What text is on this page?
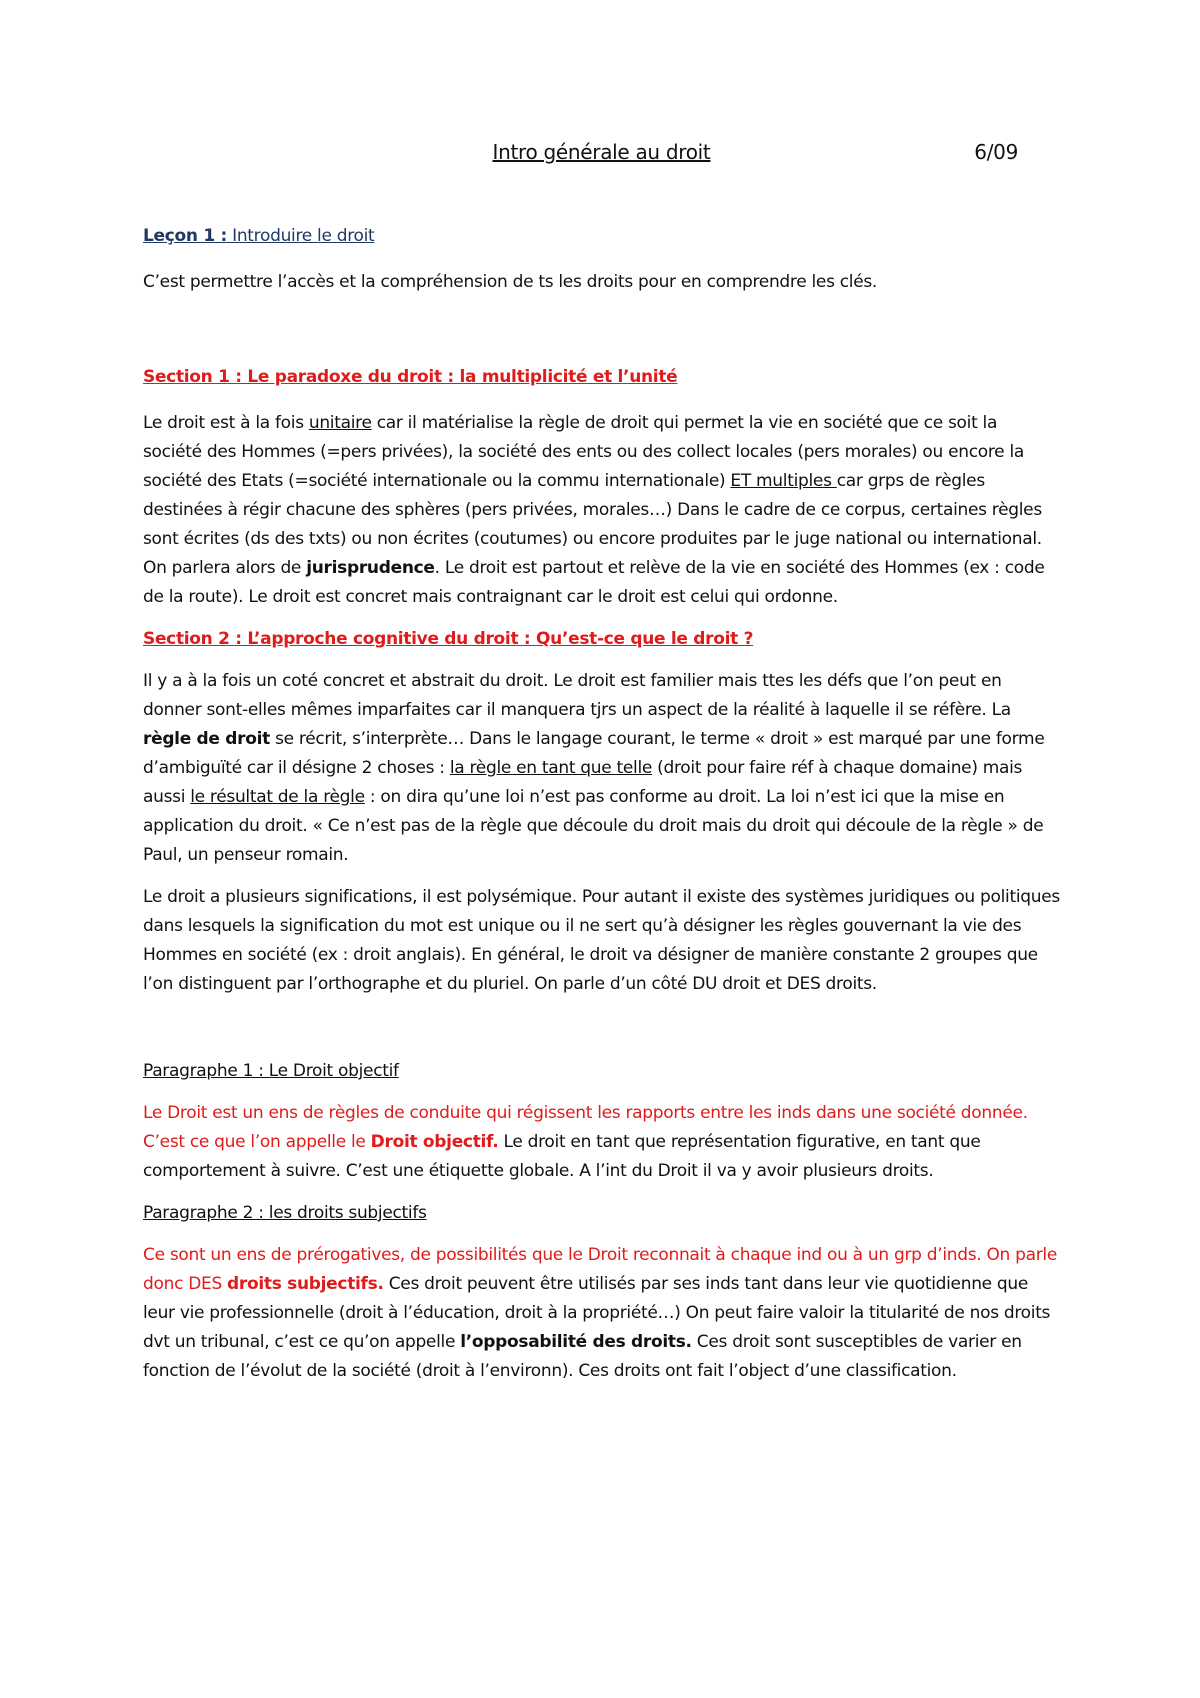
Intro générale au droit	6/09

Leçon 1 : Introduire le droit

C’est permettre l’accès et la compréhension de ts les droits pour en comprendre les clés.

Section 1 : Le paradoxe du droit : la multiplicité et l’unité

Le droit est à la fois unitaire car il matérialise la règle de droit qui permet la vie en société que ce soit la société des Hommes (=pers privées), la société des ents ou des collect locales (pers morales) ou encore la société des Etats (=société internationale ou la commu internationale) ET multiples car grps de règles destinées à régir chacune des sphères (pers privées, morales…) Dans le cadre de ce corpus, certaines règles sont écrites (ds des txts) ou non écrites (coutumes) ou encore produites par le juge national ou international. On parlera alors de jurisprudence. Le droit est partout et relève de la vie en société des Hommes (ex : code de la route). Le droit est concret mais contraignant car le droit est celui qui ordonne.

Section 2 : L’approche cognitive du droit : Qu’est-ce que le droit ?

Il y a à la fois un coté concret et abstrait du droit. Le droit est familier mais ttes les défs que l’on peut en donner sont-elles mêmes imparfaites car il manquera tjrs un aspect de la réalité à laquelle il se réfère. La règle de droit se récrit, s’interprète… Dans le langage courant, le terme « droit » est marqué par une forme d’ambiguïté car il désigne 2 choses : la règle en tant que telle (droit pour faire réf à chaque domaine) mais aussi le résultat de la règle : on dira qu’une loi n’est pas conforme au droit. La loi n’est ici que la mise en application du droit. « Ce n’est pas de la règle que découle du droit mais du droit qui découle de la règle » de Paul, un penseur romain.

Le droit a plusieurs significations, il est polysémique. Pour autant il existe des systèmes juridiques ou politiques dans lesquels la signification du mot est unique ou il ne sert qu’à désigner les règles gouvernant la vie des Hommes en société (ex : droit anglais). En général, le droit va désigner de manière constante 2 groupes que l’on distinguent par l’orthographe et du pluriel. On parle d’un côté DU droit et DES droits.

Paragraphe 1 : Le Droit objectif

Le Droit est un ens de règles de conduite qui régissent les rapports entre les inds dans une société donnée. C’est ce que l’on appelle le Droit objectif. Le droit en tant que représentation figurative, en tant que comportement à suivre. C’est une étiquette globale. A l’int du Droit il va y avoir plusieurs droits.

Paragraphe 2 : les droits subjectifs

Ce sont un ens de prérogatives, de possibilités que le Droit reconnait à chaque ind ou à un grp d’inds. On parle donc DES droits subjectifs. Ces droit peuvent être utilisés par ses inds tant dans leur vie quotidienne que leur vie professionnelle (droit à l’éducation, droit à la propriété…) On peut faire valoir la titularité de nos droits dvt un tribunal, c’est ce qu’on appelle l’opposabilité des droits. Ces droit sont susceptibles de varier en fonction de l’évolut de la société (droit à l’environn). Ces droits ont fait l’object d’une classification.
